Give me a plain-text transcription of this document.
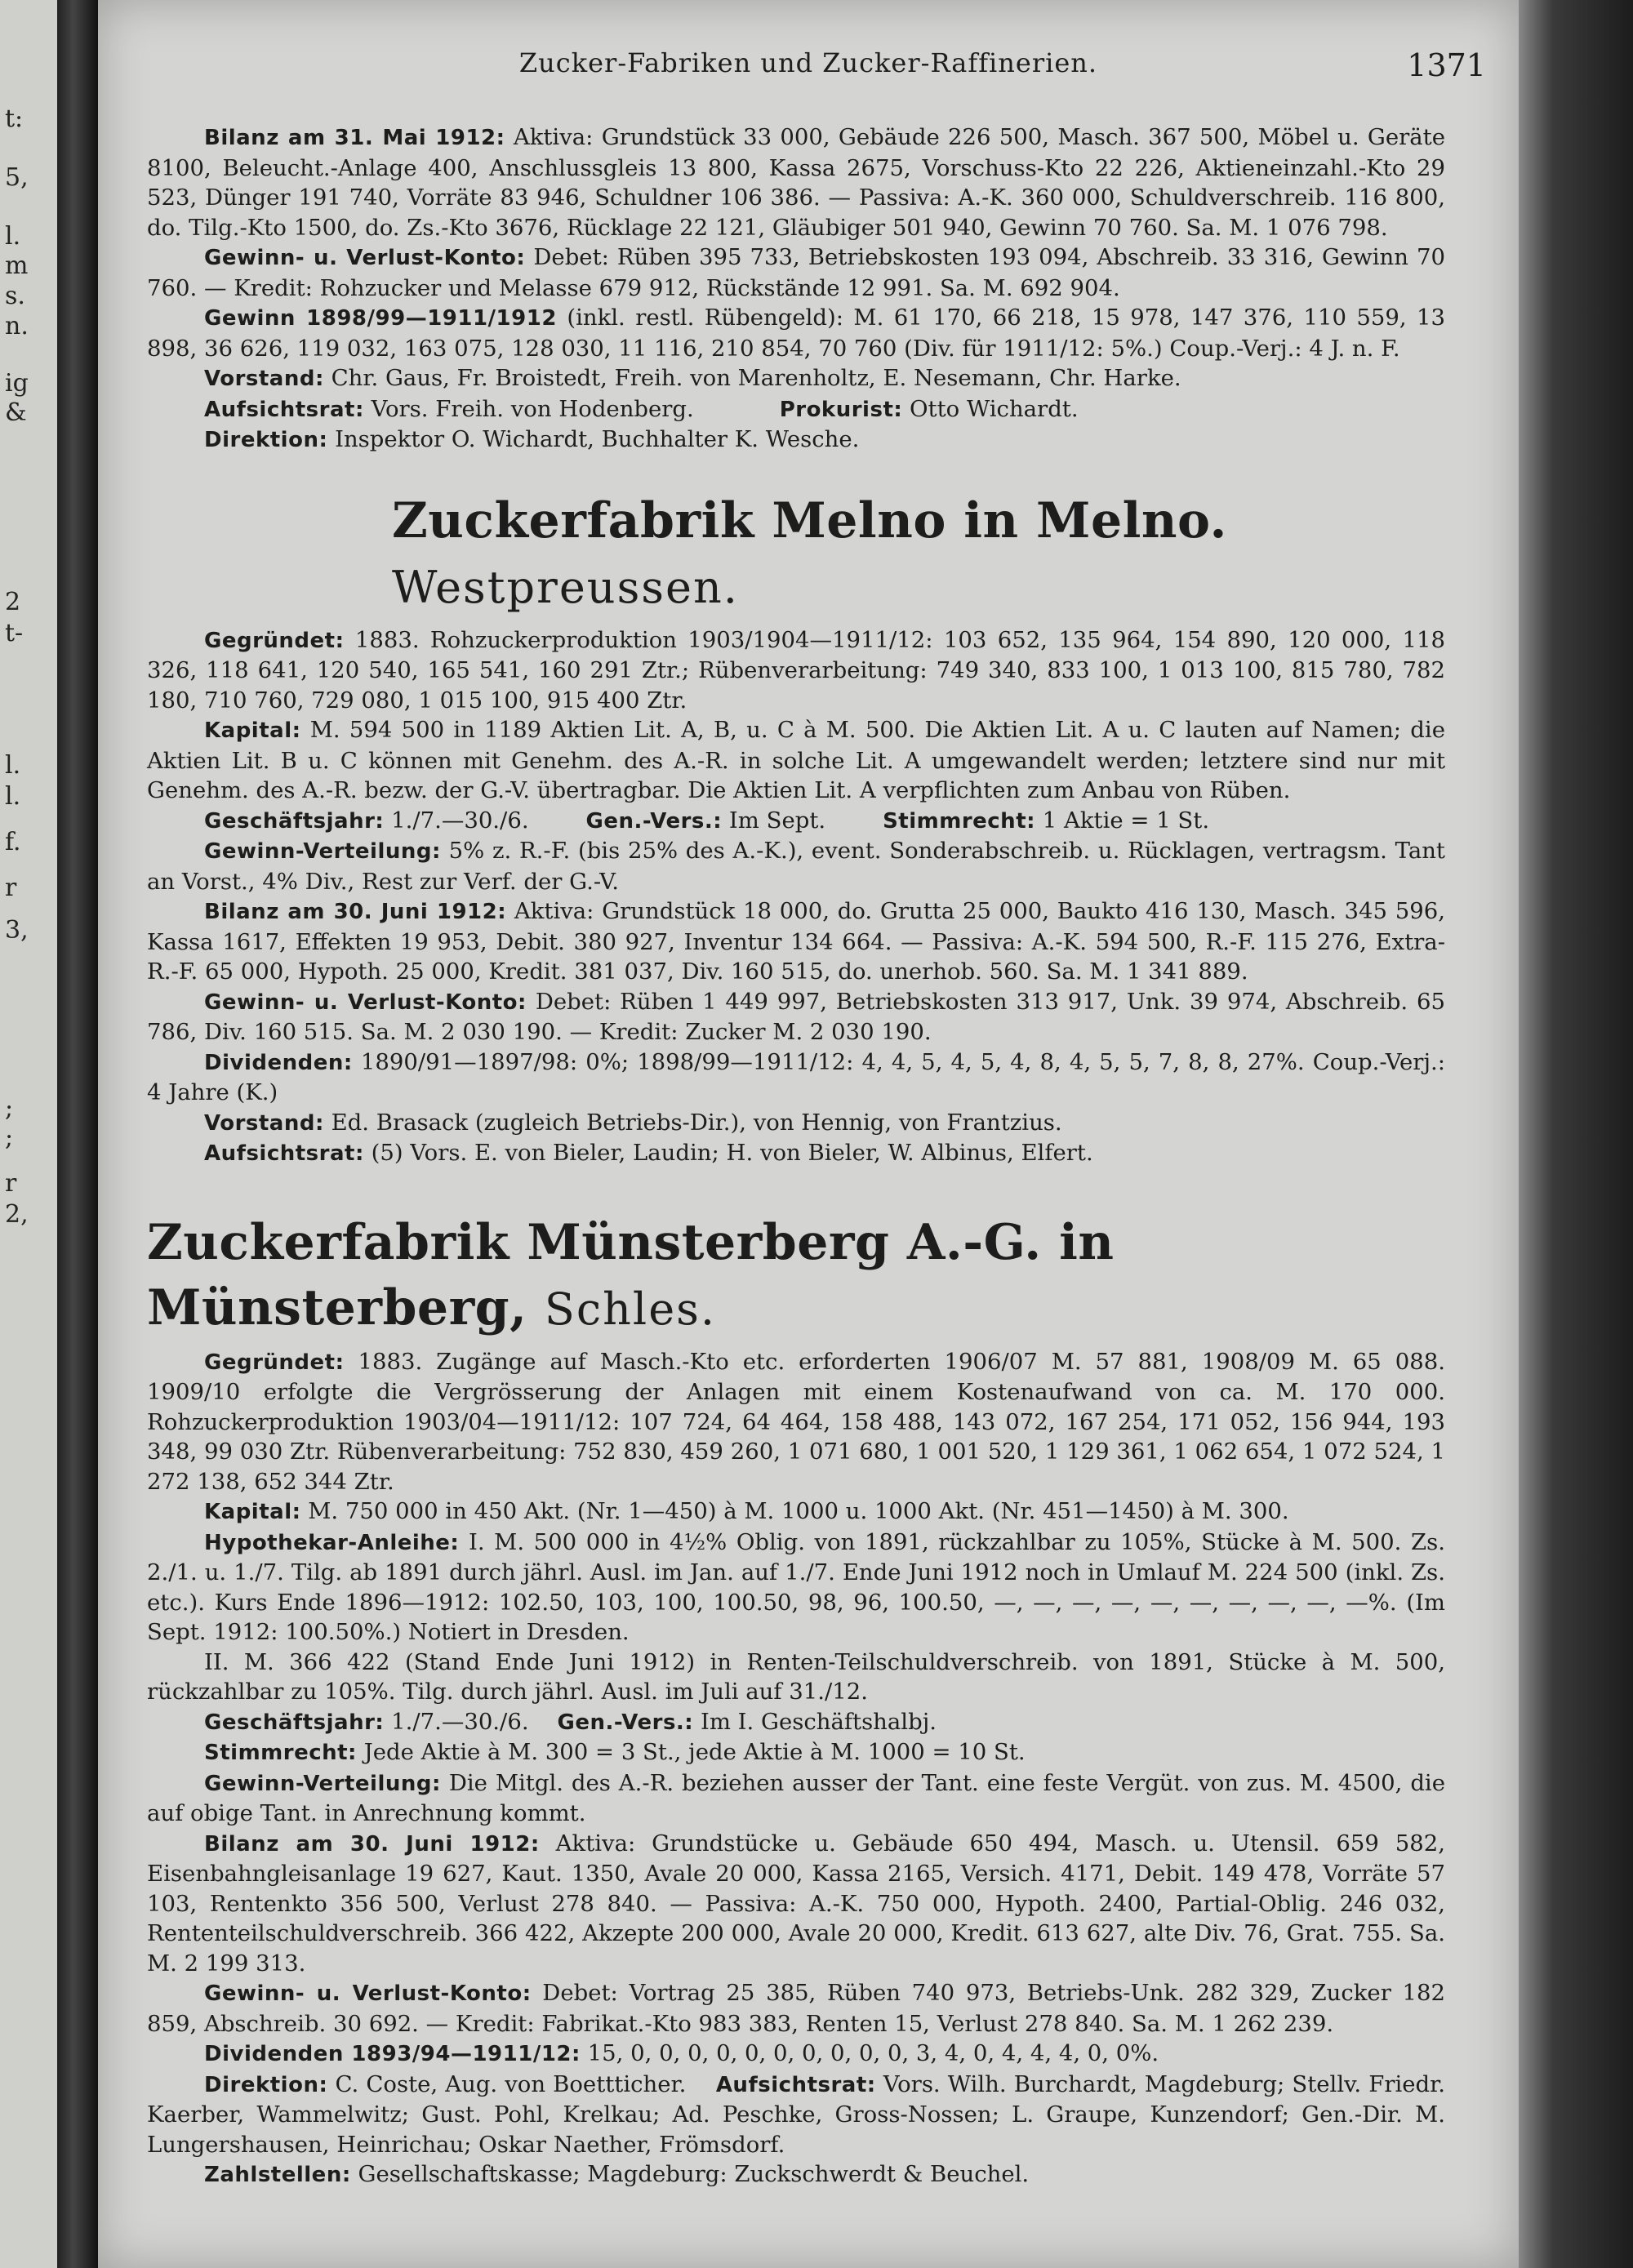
t:
5,
l.
m
s.
n.
ig
&
2
t-
l.
l.
f.
r
3,
;
;
r
2,
Zucker-Fabriken und Zucker-Raffinerien.	1371

Bilanz am 31. Mai 1912: Aktiva: Grundstück 33 000, Gebäude 226 500, Masch. 367 500, Möbel u. Geräte 8100, Beleucht.-Anlage 400, Anschlussgleis 13 800, Kassa 2675, Vorschuss-Kto 22 226, Aktieneinzahl.-Kto 29 523, Dünger 191 740, Vorräte 83 946, Schuldner 106 386. — Passiva: A.-K. 360 000, Schuldverschreib. 116 800, do. Tilg.-Kto 1500, do. Zs.-Kto 3676, Rücklage 22 121, Gläubiger 501 940, Gewinn 70 760. Sa. M. 1 076 798.

Gewinn- u. Verlust-Konto: Debet: Rüben 395 733, Betriebskosten 193 094, Abschreib. 33 316, Gewinn 70 760. — Kredit: Rohzucker und Melasse 679 912, Rückstände 12 991. Sa. M. 692 904.

Gewinn 1898/99—1911/1912 (inkl. restl. Rübengeld): M. 61 170, 66 218, 15 978, 147 376, 110 559, 13 898, 36 626, 119 032, 163 075, 128 030, 11 116, 210 854, 70 760 (Div. für 1911/12: 5%.) Coup.-Verj.: 4 J. n. F.

Vorstand: Chr. Gaus, Fr. Broistedt, Freih. von Marenholtz, E. Nesemann, Chr. Harke.

Aufsichtsrat: Vors. Freih. von Hodenberg.	Prokurist: Otto Wichardt.

Direktion: Inspektor O. Wichardt, Buchhalter K. Wesche.

Zuckerfabrik Melno in Melno. Westpreussen.

Gegründet: 1883. Rohzuckerproduktion 1903/1904—1911/12: 103 652, 135 964, 154 890, 120 000, 118 326, 118 641, 120 540, 165 541, 160 291 Ztr.; Rübenverarbeitung: 749 340, 833 100, 1 013 100, 815 780, 782 180, 710 760, 729 080, 1 015 100, 915 400 Ztr.

Kapital: M. 594 500 in 1189 Aktien Lit. A, B, u. C à M. 500. Die Aktien Lit. A u. C lauten auf Namen; die Aktien Lit. B u. C können mit Genehm. des A.-R. in solche Lit. A umgewandelt werden; letztere sind nur mit Genehm. des A.-R. bezw. der G.-V. übertragbar. Die Aktien Lit. A verpflichten zum Anbau von Rüben.

Geschäftsjahr: 1./7.—30./6.	Gen.-Vers.: Im Sept.	Stimmrecht: 1 Aktie = 1 St.

Gewinn-Verteilung: 5% z. R.-F. (bis 25% des A.-K.), event. Sonderabschreib. u. Rücklagen, vertragsm. Tant an Vorst., 4% Div., Rest zur Verf. der G.-V.

Bilanz am 30. Juni 1912: Aktiva: Grundstück 18 000, do. Grutta 25 000, Baukto 416 130, Masch. 345 596, Kassa 1617, Effekten 19 953, Debit. 380 927, Inventur 134 664. — Passiva: A.-K. 594 500, R.-F. 115 276, Extra-R.-F. 65 000, Hypoth. 25 000, Kredit. 381 037, Div. 160 515, do. unerhob. 560. Sa. M. 1 341 889.

Gewinn- u. Verlust-Konto: Debet: Rüben 1 449 997, Betriebskosten 313 917, Unk. 39 974, Abschreib. 65 786, Div. 160 515. Sa. M. 2 030 190. — Kredit: Zucker M. 2 030 190.

Dividenden: 1890/91—1897/98: 0%; 1898/99—1911/12: 4, 4, 5, 4, 5, 4, 8, 4, 5, 5, 7, 8, 8, 27%. Coup.-Verj.: 4 Jahre (K.)

Vorstand: Ed. Brasack (zugleich Betriebs-Dir.), von Hennig, von Frantzius.

Aufsichtsrat: (5) Vors. E. von Bieler, Laudin; H. von Bieler, W. Albinus, Elfert.

Zuckerfabrik Münsterberg A.-G. in Münsterberg, Schles.

Gegründet: 1883. Zugänge auf Masch.-Kto etc. erforderten 1906/07 M. 57 881, 1908/09 M. 65 088. 1909/10 erfolgte die Vergrösserung der Anlagen mit einem Kostenaufwand von ca. M. 170 000. Rohzuckerproduktion 1903/04—1911/12: 107 724, 64 464, 158 488, 143 072, 167 254, 171 052, 156 944, 193 348, 99 030 Ztr. Rübenverarbeitung: 752 830, 459 260, 1 071 680, 1 001 520, 1 129 361, 1 062 654, 1 072 524, 1 272 138, 652 344 Ztr.

Kapital: M. 750 000 in 450 Akt. (Nr. 1—450) à M. 1000 u. 1000 Akt. (Nr. 451—1450) à M. 300.

Hypothekar-Anleihe: I. M. 500 000 in 4½% Oblig. von 1891, rückzahlbar zu 105%, Stücke à M. 500. Zs. 2./1. u. 1./7. Tilg. ab 1891 durch jährl. Ausl. im Jan. auf 1./7. Ende Juni 1912 noch in Umlauf M. 224 500 (inkl. Zs. etc.). Kurs Ende 1896—1912: 102.50, 103, 100, 100.50, 98, 96, 100.50, —, —, —, —, —, —, —, —, —, —%. (Im Sept. 1912: 100.50%.) Notiert in Dresden.

II. M. 366 422 (Stand Ende Juni 1912) in Renten-Teilschuldverschreib. von 1891, Stücke à M. 500, rückzahlbar zu 105%. Tilg. durch jährl. Ausl. im Juli auf 31./12.

Geschäftsjahr: 1./7.—30./6. Gen.-Vers.: Im I. Geschäftshalbj.

Stimmrecht: Jede Aktie à M. 300 = 3 St., jede Aktie à M. 1000 = 10 St.

Gewinn-Verteilung: Die Mitgl. des A.-R. beziehen ausser der Tant. eine feste Vergüt. von zus. M. 4500, die auf obige Tant. in Anrechnung kommt.

Bilanz am 30. Juni 1912: Aktiva: Grundstücke u. Gebäude 650 494, Masch. u. Utensil. 659 582, Eisenbahngleisanlage 19 627, Kaut. 1350, Avale 20 000, Kassa 2165, Versich. 4171, Debit. 149 478, Vorräte 57 103, Rentenkto 356 500, Verlust 278 840. — Passiva: A.-K. 750 000, Hypoth. 2400, Partial-Oblig. 246 032, Rententeilschuldverschreib. 366 422, Akzepte 200 000, Avale 20 000, Kredit. 613 627, alte Div. 76, Grat. 755. Sa. M. 2 199 313.

Gewinn- u. Verlust-Konto: Debet: Vortrag 25 385, Rüben 740 973, Betriebs-Unk. 282 329, Zucker 182 859, Abschreib. 30 692. — Kredit: Fabrikat.-Kto 983 383, Renten 15, Verlust 278 840. Sa. M. 1 262 239.

Dividenden 1893/94—1911/12: 15, 0, 0, 0, 0, 0, 0, 0, 0, 0, 0, 3, 4, 0, 4, 4, 4, 0, 0%.

Direktion: C. Coste, Aug. von Boettticher. Aufsichtsrat: Vors. Wilh. Burchardt, Magdeburg; Stellv. Friedr. Kaerber, Wammelwitz; Gust. Pohl, Krelkau; Ad. Peschke, Gross-Nossen; L. Graupe, Kunzendorf; Gen.-Dir. M. Lungershausen, Heinrichau; Oskar Naether, Frömsdorf.

Zahlstellen: Gesellschaftskasse; Magdeburg: Zuckschwerdt & Beuchel.
